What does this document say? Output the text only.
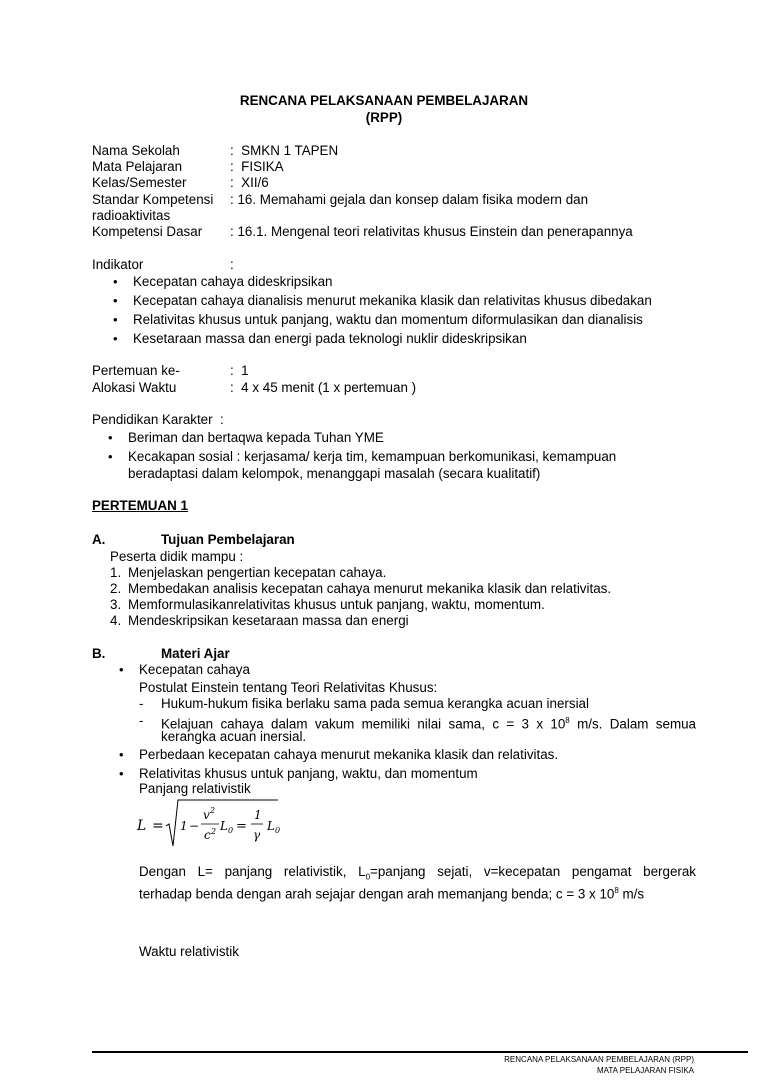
RENCANA PELAKSANAAN PEMBELAJARAN
(RPP)
Nama Sekolah	:  SMKN 1 TAPEN
Mata Pelajaran	:  FISIKA
Kelas/Semester	:  XII/6
Standar Kompetensi : 16. Memahami gejala dan konsep dalam fisika modern dan
radioaktivitas
Kompetensi Dasar : 16.1. Mengenal teori relativitas khusus Einstein dan penerapannya
Indikator	:
• Kecepatan cahaya dideskripsikan
• Kecepatan cahaya dianalisis menurut mekanika klasik dan relativitas khusus dibedakan
• Relativitas khusus untuk panjang, waktu dan momentum diformulasikan dan dianalisis
• Kesetaraan massa dan energi pada teknologi nuklir dideskripsikan
Pertemuan ke-	:  1
Alokasi Waktu	:  4 x 45 menit (1 x pertemuan )
Pendidikan Karakter  :
• Beriman dan bertaqwa kepada Tuhan YME
• Kecakapan sosial : kerjasama/ kerja tim, kemampuan berkomunikasi, kemampuan
beradaptasi dalam kelompok, menanggapi masalah (secara kualitatif)
PERTEMUAN 1
A.	Tujuan Pembelajaran
Peserta didik mampu :
1. Menjelaskan pengertian kecepatan cahaya.
2. Membedakan analisis kecepatan cahaya menurut mekanika klasik dan relativitas.
3. Memformulasikanrelativitas khusus untuk panjang, waktu, momentum.
4. Mendeskripsikan kesetaraan massa dan energi
B.	Materi Ajar
• Kecepatan cahaya
Postulat Einstein tentang Teori Relativitas Khusus:
- Hukum-hukum fisika berlaku sama pada semua kerangka acuan inersial
- Kelajuan cahaya dalam vakum memiliki nilai sama, c = 3 x $10^8$ m/s. Dalam semua
kerangka acuan inersial.
• Perbedaan kecepatan cahaya menurut mekanika klasik dan relativitas.
• Relativitas khusus untuk panjang, waktu, dan momentum
Panjang relativistik
L = 1 −
v 2
c 2 L 0 =
1
γ
L 0
Dengan L= panjang relativistik, $L_0=panjang$ sejati, v=kecepatan pengamat bergerak
terhadap benda dengan arah sejajar dengan arah memanjang benda; c = 3 x $10^8$ m/s
Waktu relativistik
RENCANA PELAKSANAAN PEMBELAJARAN (RPP)
MATA PELAJARAN FISIKA
